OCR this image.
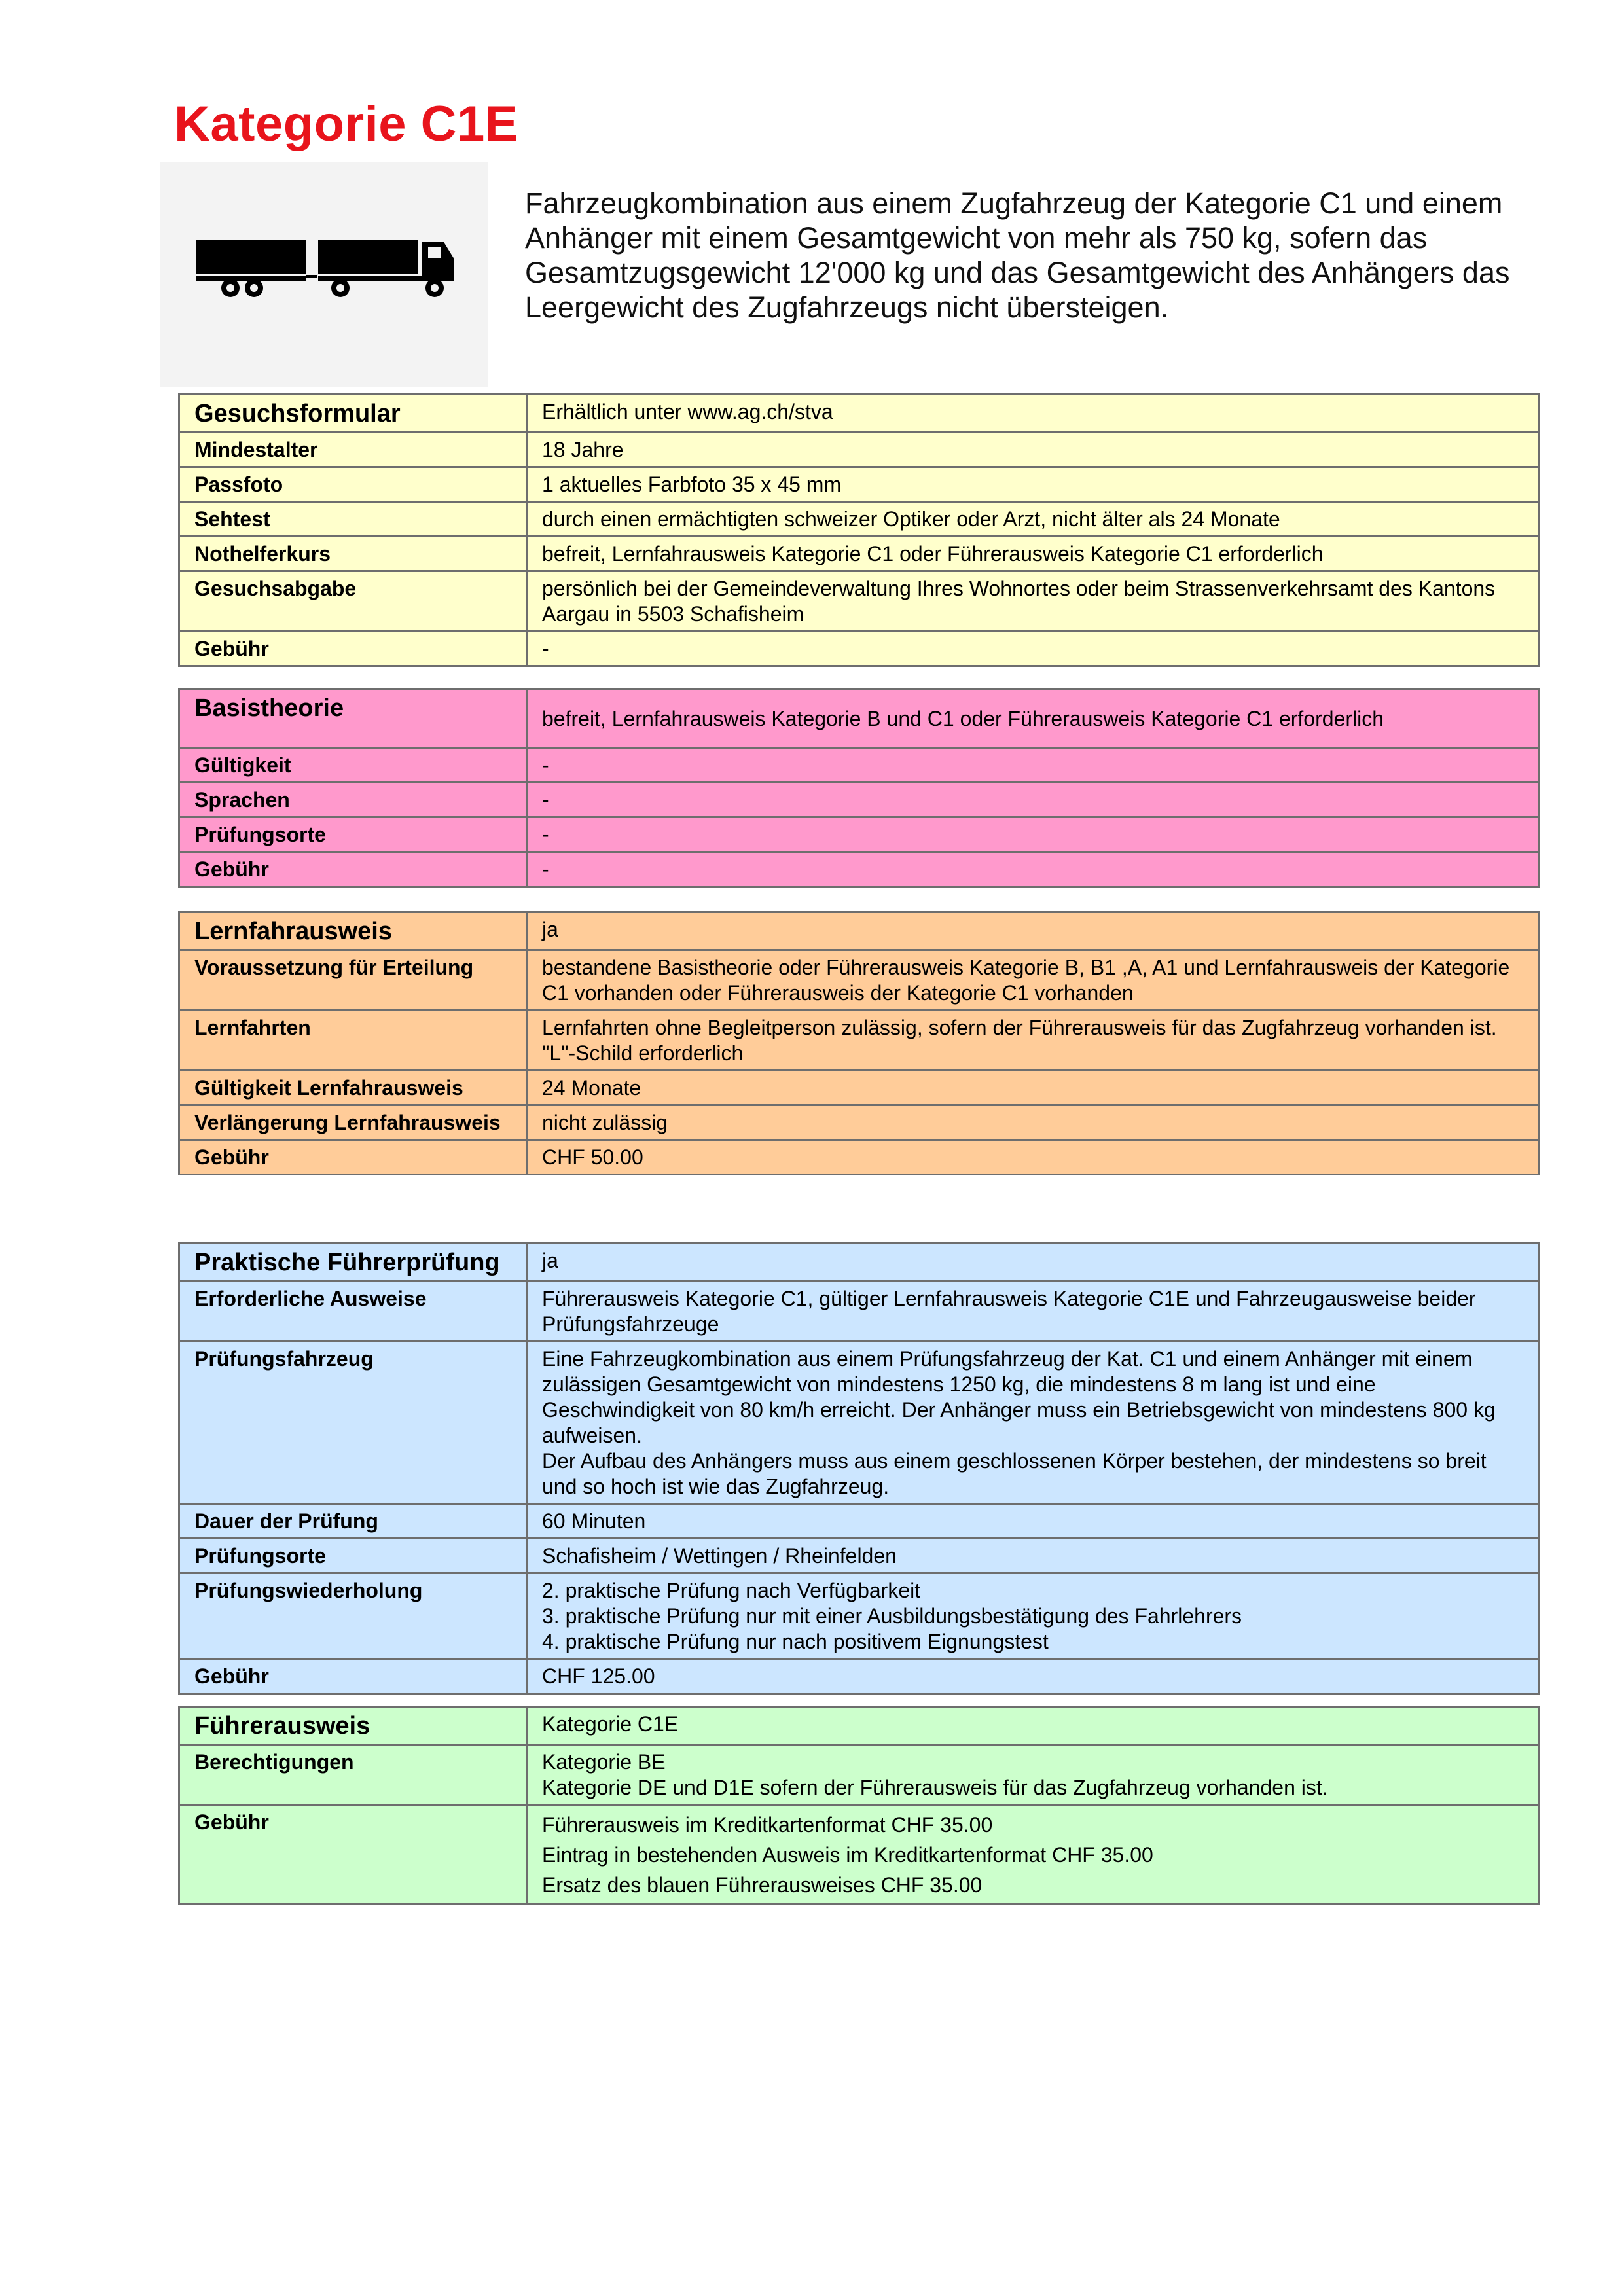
Kategorie C1E

Fahrzeugkombination aus einem Zugfahrzeug der Kategorie C1 und einem Anhänger mit einem Gesamtgewicht von mehr als 750 kg, sofern das Gesamtzugsgewicht 12'000 kg und das Gesamtgewicht des Anhängers das Leergewicht des Zugfahrzeugs nicht übersteigen.

Gesuchsformular	Erhältlich unter www.ag.ch/stva
Mindestalter	18 Jahre
Passfoto	1 aktuelles Farbfoto 35 x 45 mm
Sehtest	durch einen ermächtigten schweizer Optiker oder Arzt, nicht älter als 24 Monate
Nothelferkurs	befreit, Lernfahrausweis Kategorie C1 oder Führerausweis Kategorie C1 erforderlich
Gesuchsabgabe	persönlich bei der Gemeindeverwaltung Ihres Wohnortes oder beim Strassenverkehrsamt des Kantons Aargau in 5503 Schafisheim
Gebühr	-
Basistheorie	befreit, Lernfahrausweis Kategorie B und C1 oder Führerausweis Kategorie C1 erforderlich
Gültigkeit	-
Sprachen	-
Prüfungsorte	-
Gebühr	-
Lernfahrausweis	ja
Voraussetzung für Erteilung	bestandene Basistheorie oder Führerausweis Kategorie B, B1 ,A, A1 und Lernfahrausweis der Kategorie C1 vorhanden oder Führerausweis der Kategorie C1 vorhanden
Lernfahrten	Lernfahrten ohne Begleitperson zulässig, sofern der Führerausweis für das Zugfahrzeug vorhanden ist.
"L"-Schild erforderlich

Gültigkeit Lernfahrausweis	24 Monate
Verlängerung Lernfahrausweis	nicht zulässig
Gebühr	CHF 50.00
Praktische Führerprüfung	ja
Erforderliche Ausweise	Führerausweis Kategorie C1, gültiger Lernfahrausweis Kategorie C1E und Fahrzeugausweise beider Prüfungsfahrzeuge
Prüfungsfahrzeug	Eine Fahrzeugkombination aus einem Prüfungsfahrzeug der Kat. C1 und einem Anhänger mit einem zulässigen Gesamtgewicht von mindestens 1250 kg, die mindestens 8 m lang ist und eine Geschwindigkeit von 80 km/h erreicht. Der Anhänger muss ein Betriebsgewicht von mindestens 800 kg aufweisen.
Der Aufbau des Anhängers muss aus einem geschlossenen Körper bestehen, der mindestens so breit und so hoch ist wie das Zugfahrzeug.

Dauer der Prüfung	60 Minuten
Prüfungsorte	Schafisheim / Wettingen / Rheinfelden
Prüfungswiederholung	2. praktische Prüfung nach Verfügbarkeit
3. praktische Prüfung nur mit einer Ausbildungsbestätigung des Fahrlehrers
4. praktische Prüfung nur nach positivem Eignungstest

Gebühr	CHF 125.00
Führerausweis	Kategorie C1E
Berechtigungen	Kategorie BE
Kategorie DE und D1E sofern der Führerausweis für das Zugfahrzeug vorhanden ist.

Gebühr	Führerausweis im Kreditkartenformat CHF 35.00
Eintrag in bestehenden Ausweis im Kreditkartenformat CHF 35.00
Ersatz des blauen Führerausweises CHF 35.00
